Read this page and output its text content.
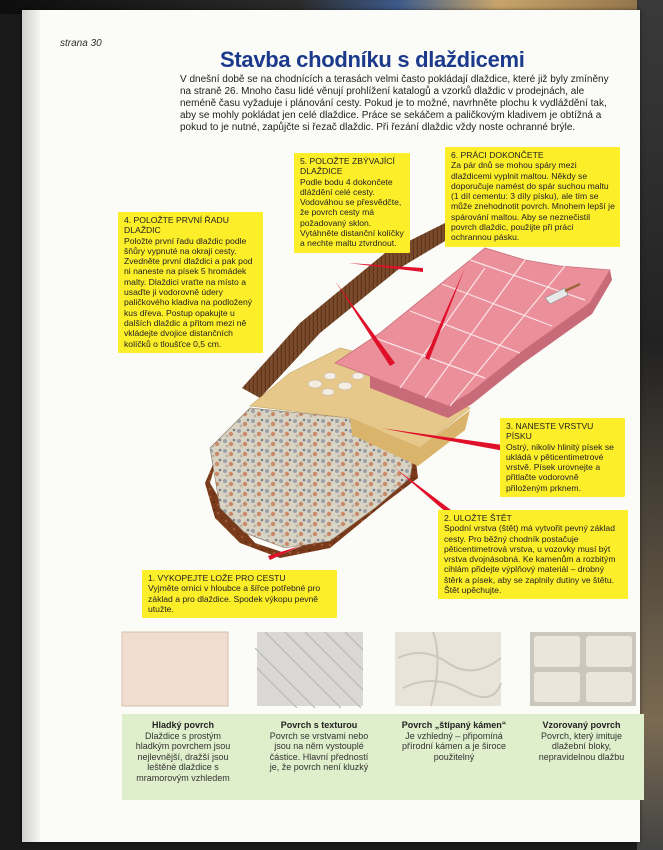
strana 30
Stavba chodníku s dlaždicemi
V dnešní době se na chodnících a terasách velmi často pokládají dlaždice, které již byly zmíněny na straně 26. Mnoho času lidé věnují prohlížení katalogů a vzorků dlaždic v prodejnách, ale neméně času vyžaduje i plánování cesty. Pokud je to možné, navrhněte plochu k vydláždění tak, aby se mohly pokládat jen celé dlaždice. Práce se sekáčem a paličkovým kladivem je obtížná a pokud to je nutné, zapůjčte si řezač dlaždic. Při řezání dlaždic vždy noste ochranné brýle.
4. POLOŽTE PRVNÍ ŘADU DLAŽDIC
Položte první řadu dlaždic podle šňůry vypnuté na okraji cesty. Zvedněte první dlaždici a pak pod ni naneste na písek 5 hromádek malty. Dlaždici vraťte na místo a usaďte ji vodorovně údery paličkového kladiva na podložený kus dřeva. Postup opakujte u dalších dlaždic a přitom mezi ně vkládejte dvojice distančních kolíčků o tloušťce 0,5 cm.
5. POLOŽTE ZBÝVAJÍCÍ DLAŽDICE
Podle bodu 4 dokončete dláždění celé cesty. Vodováhou se přesvědčte, že povrch cesty má požadovaný sklon. Vytáhněte distanční kolíčky a nechte maltu ztvrdnout.
6. PRÁCI DOKONČETE
Za pár dnů se mohou spáry mezi dlaždicemi vyplnit maltou. Někdy se doporučuje namést do spár suchou maltu (1 díl cementu: 3 díly písku), ale tím se může znehodnotit povrch. Mnohem lepší je spárování maltou. Aby se neznečistil povrch dlaždic, použijte při práci ochrannou pásku.
3. NANESTE VRSTVU PÍSKU
Ostrý, nikoliv hlinitý písek se ukládá v pěticentimetrové vrstvě. Písek urovnejte a přitlačte vodorovně přiloženým prknem.
2. ULOŽTE ŠTĚT
Spodní vrstva (štět) má vytvořit pevný základ cesty. Pro běžný chodník postačuje pěticentimetrová vrstva, u vozovky musí být vrstva dvojnásobná. Ke kamenům a rozbitým cihlám přidejte výplňový materiál – drobný štěrk a písek, aby se zaplnily dutiny ve štětu. Štět upěchujte.
1. VYKOPEJTE LOŽE PRO CESTU
Vyjměte ornici v hloubce a šířce potřebné pro základ a pro dlaždice. Spodek výkopu pevně utužte.
Hladký povrch
Dlaždice s prostým hladkým povrchem jsou nejlevnější, dražší jsou leštěné dlaždice s mramorovým vzhledem
Povrch s texturou
Povrch se vrstvami nebo jsou na něm vystouplé částice. Hlavní předností je, že povrch není kluzký
Povrch „štípaný kámen“
Je vzhledný – připomíná přírodní kámen a je široce použitelný
Vzorovaný povrch
Povrch, který imituje dlažební bloky, nepravidelnou dlažbu
